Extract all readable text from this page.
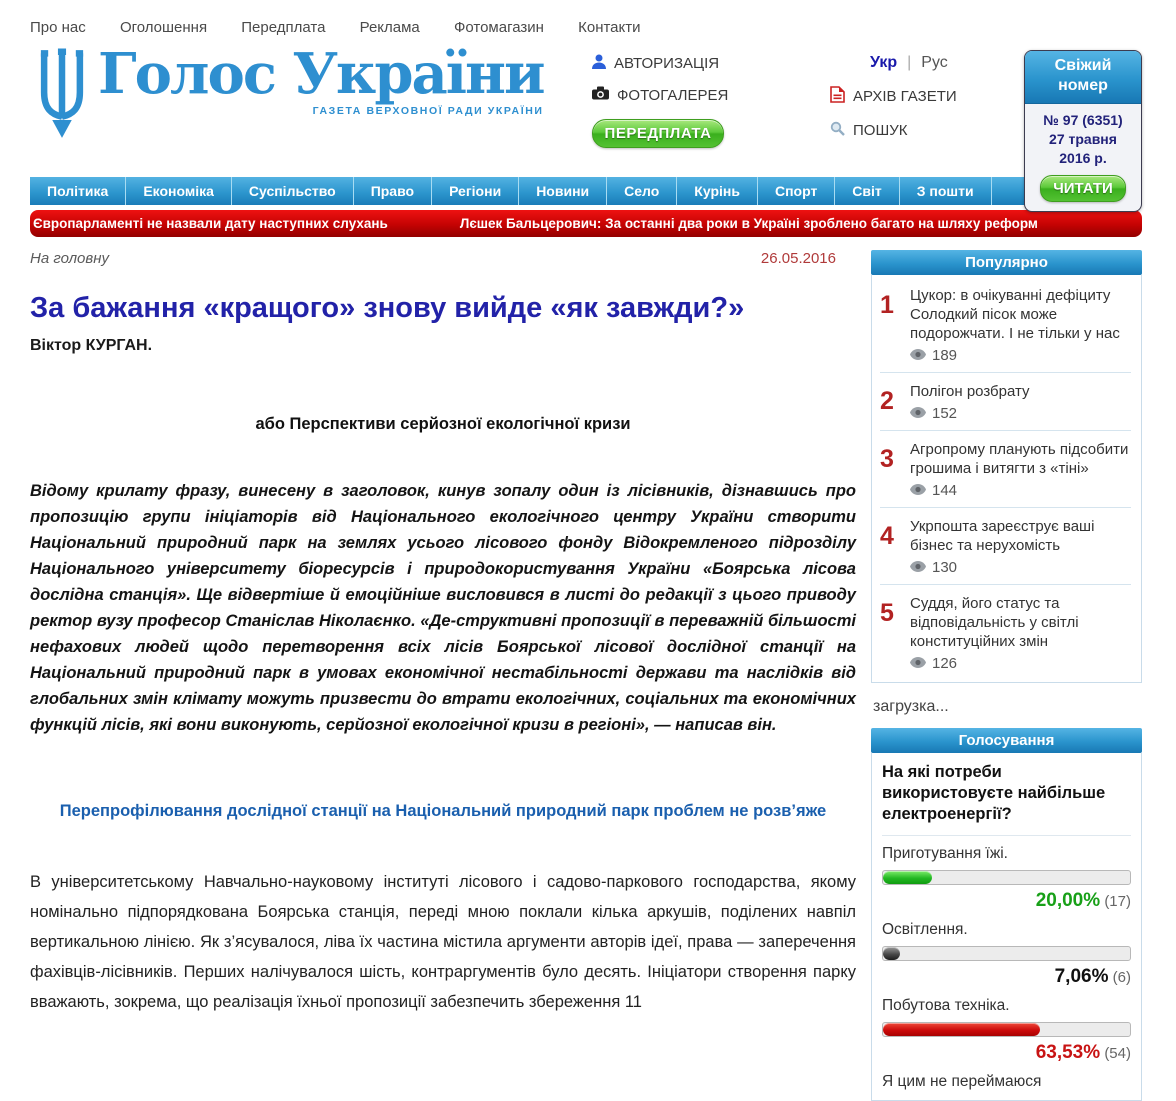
Про нас Оголошення Передплата Реклама Фотомагазин Контакти
Голос України
ГАЗЕТА ВЕРХОВНОЇ РАДИ УКРАЇНИ
АВТОРИЗАЦІЯ
ФОТОГАЛЕРЕЯ
ПЕРЕДПЛАТА
Укр | Рус
АРХІВ ГАЗЕТИ
ПОШУК
Свіжий номер
№ 97 (6351)
27 травня
2016 р.
ЧИТАТИ
Політика	Економіка	Суспільство	Право	Регіони	Новини	Село	Курінь	Спорт	Світ	З пошти
Європарламенті не назвали дату наступних слухань	Лєшек Бальцерович: За останні два роки в Україні зроблено багато на шляху реформ
На головну	26.05.2016
За бажання «кращого» знову вийде «як завжди?»
Віктор КУРГАН.
або Перспективи серйозної екологічної кризи

Відому крилату фразу, винесену в заголовок, кинув зопалу один із лісівників, дізнавшись про пропозицію групи ініціаторів від Національного екологічного центру України створити Національний природний парк на землях усього лісового фонду Відокремленого підрозділу Національного університету біоресурсів і природокористування України «Боярська лісова дослідна станція». Ще відвертіше й емоційніше висловився в листі до редакції з цього приводу ректор вузу професор Станіслав Ніколаєнко. «Де-структивні пропозиції в переважній більшості нефахових людей щодо перетворення всіх лісів Боярської лісової дослідної станції на Національний природний парк в умовах економічної нестабільності держави та наслідків від глобальних змін клімату можуть призвести до втрати екологічних, соціальних та економічних функцій лісів, які вони виконують, серйозної екологічної кризи в регіоні», — написав він.

Перепрофілювання дослідної станції на Національний природний парк проблем не розв’яже

В університетському Навчально-науковому інституті лісового і садово-паркового господарства, якому номінально підпорядкована Боярська станція, переді мною поклали кілька аркушів, поділених навпіл вертикальною лінією. Як з’ясувалося, ліва їх частина містила аргументи авторів ідеї, права — заперечення фахівців-лісівників. Перших налічувалося шість, контраргументів було десять. Ініціатори створення парку вважають, зокрема, що реалізація їхньої пропозиції забезпечить збереження 11

Популярно
1	Цукор: в очікуванні дефіциту Солодкий пісок може подорожчати. І не тільки у нас
189
2	Полігон розбрату
152
3	Агропрому планують підсобити грошима і витягти з «тіні»
144
4	Укрпошта зареєструє ваші бізнес та нерухомість
130
5	Суддя, його статус та відповідальність у світлі конституційних змін
126
загрузка...
Голосування
На які потреби використовуєте найбільше електроенергії?
Приготування їжі.
20,00% (17)
Освітлення.
7,06% (6)
Побутова техніка.
63,53% (54)
Я цим не переймаюся
